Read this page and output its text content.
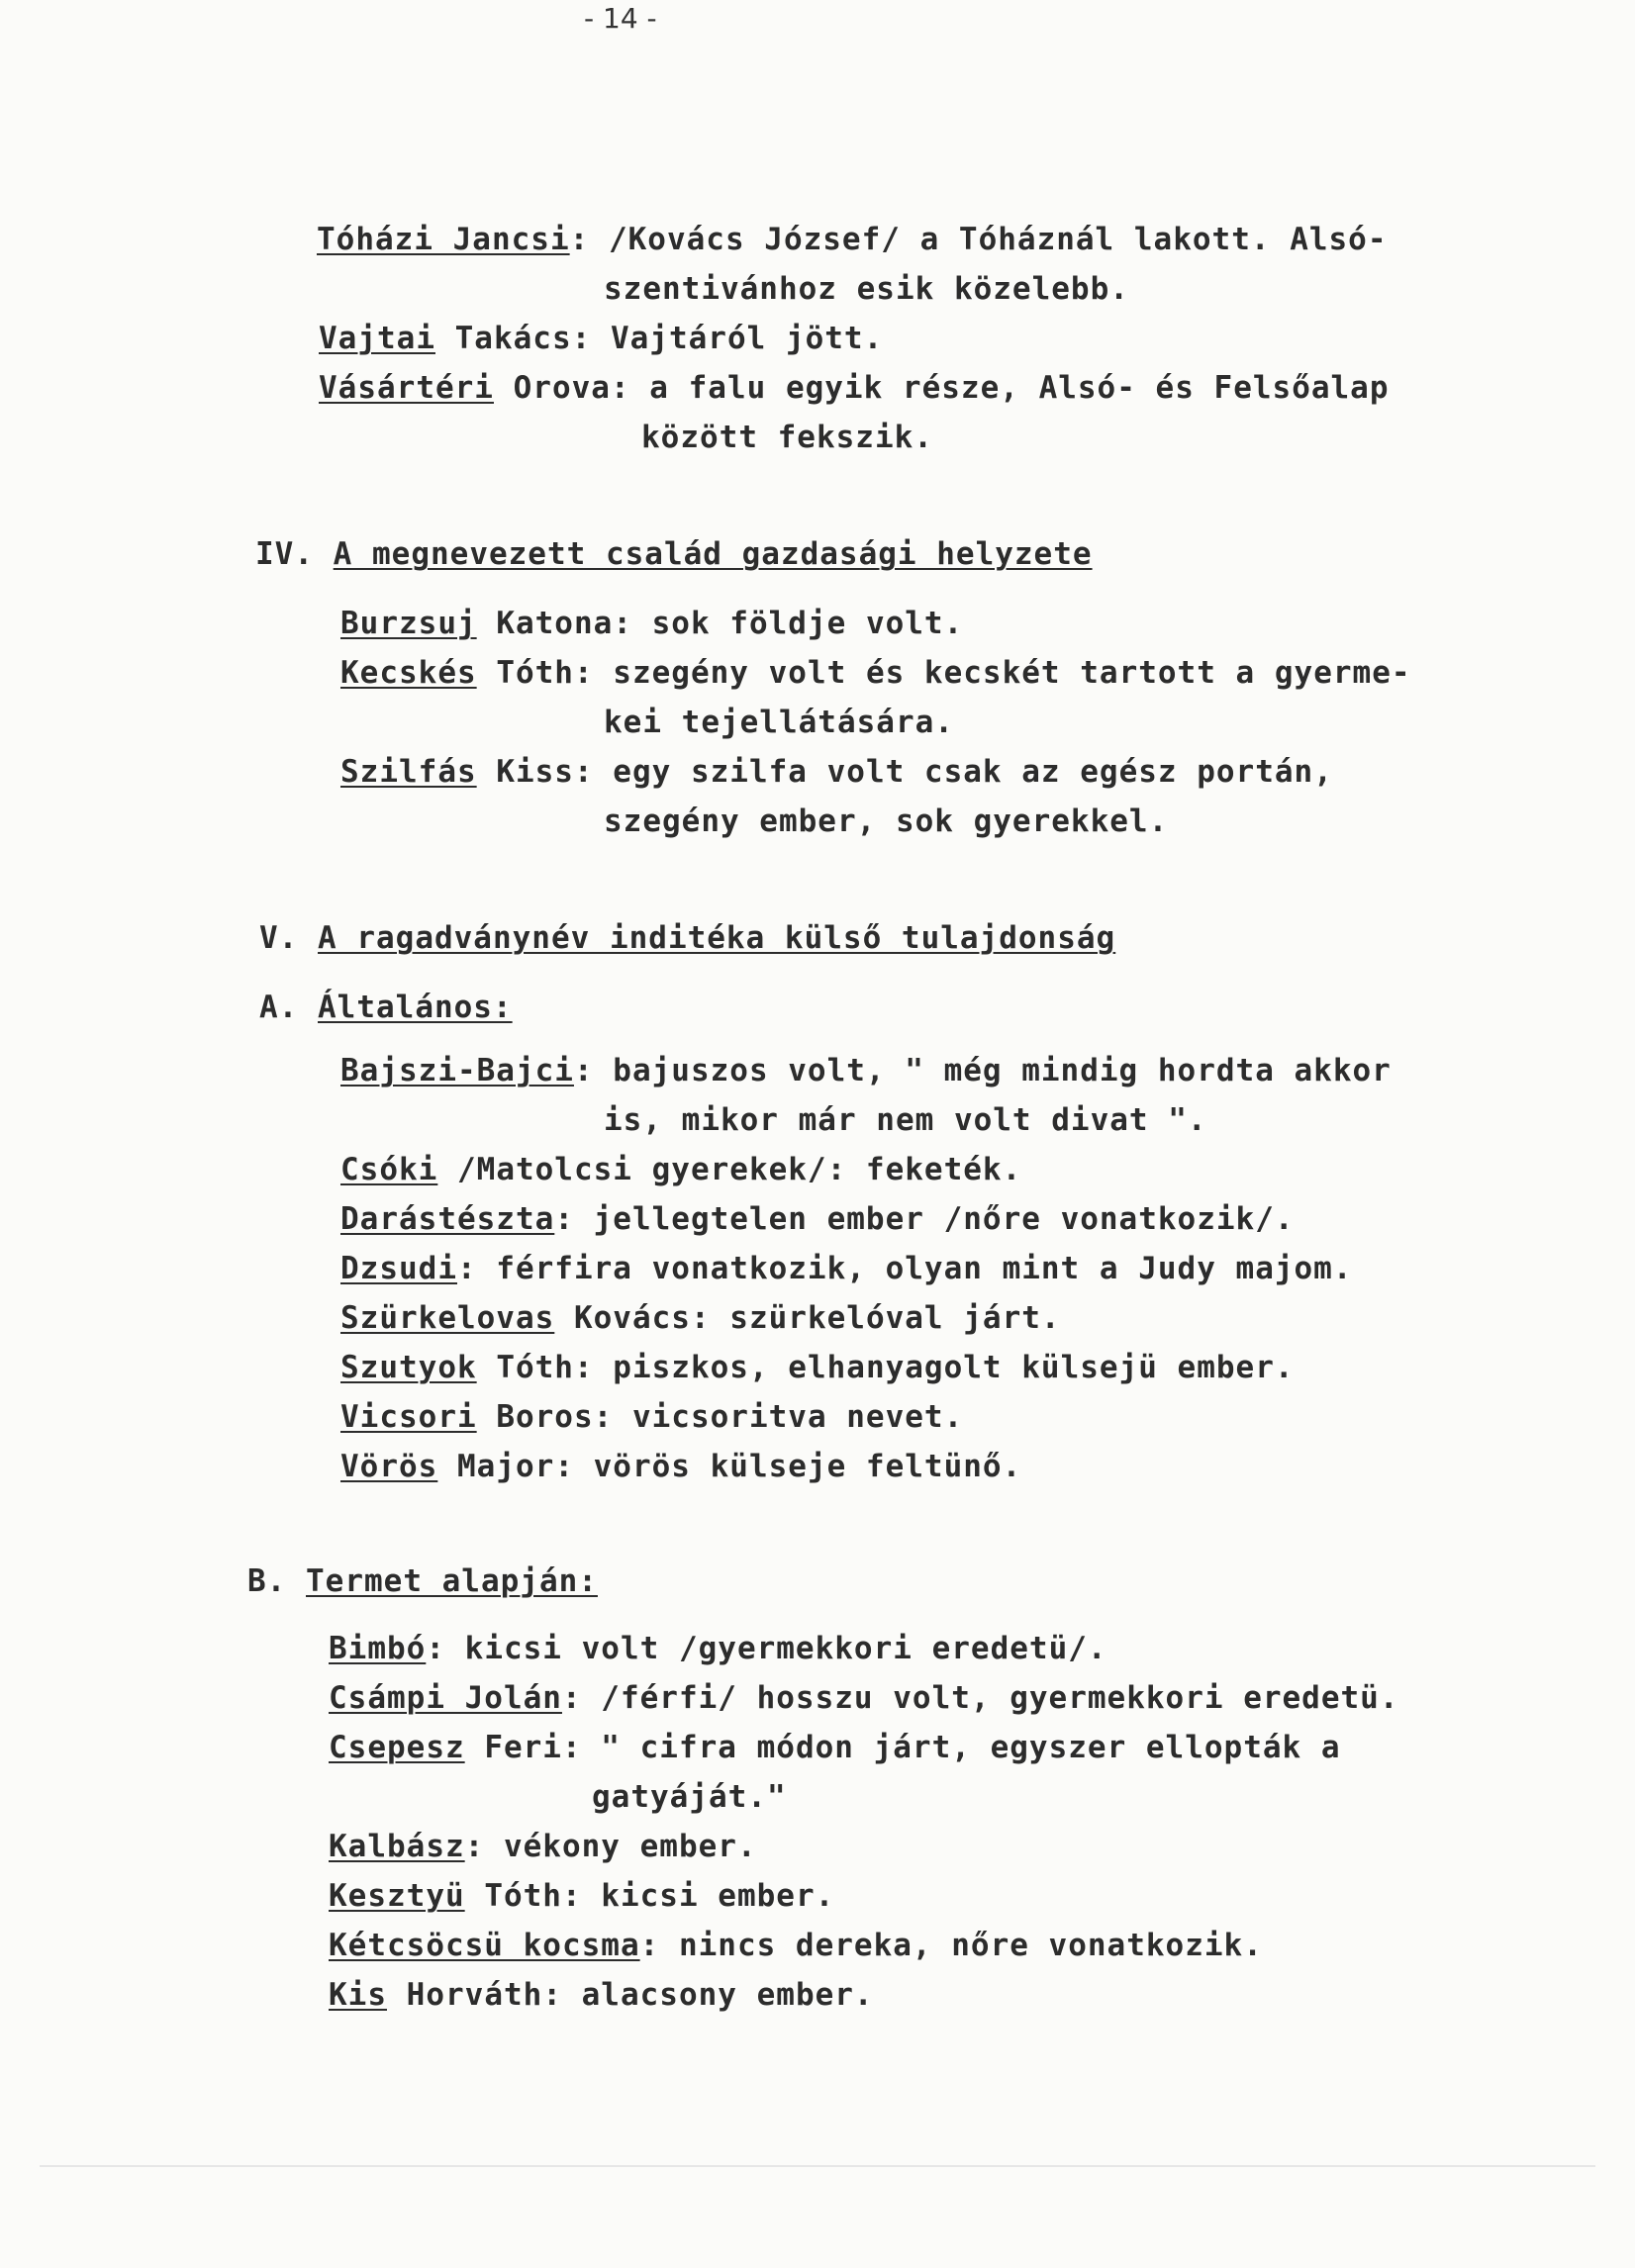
- 14 -
Tóházi Jancsi: /Kovács József/ a Tóháznál lakott. Alsó-
szentivánhoz esik közelebb.
Vajtai Takács: Vajtáról jött.
Vásártéri Orova: a falu egyik része, Alsó- és Felsőalap
között fekszik.
IV. A megnevezett család gazdasági helyzete
Burzsuj Katona: sok földje volt.
Kecskés Tóth: szegény volt és kecskét tartott a gyerme-
kei tejellátására.
Szilfás Kiss: egy szilfa volt csak az egész portán,
szegény ember, sok gyerekkel.
V. A ragadványnév inditéka külső tulajdonság
A. Általános:
Bajszi-Bajci: bajuszos volt, " még mindig hordta akkor
is, mikor már nem volt divat ".
Csóki /Matolcsi gyerekek/: feketék.
Darástészta: jellegtelen ember /nőre vonatkozik/.
Dzsudi: férfira vonatkozik, olyan mint a Judy majom.
Szürkelovas Kovács: szürkelóval járt.
Szutyok Tóth: piszkos, elhanyagolt külsejü ember.
Vicsori Boros: vicsoritva nevet.
Vörös Major: vörös külseje feltünő.
B. Termet alapján:
Bimbó: kicsi volt /gyermekkori eredetü/.
Csámpi Jolán: /férfi/ hosszu volt, gyermekkori eredetü.
Csepesz Feri: " cifra módon járt, egyszer ellopták a
gatyáját."
Kalbász: vékony ember.
Kesztyü Tóth: kicsi ember.
Kétcsöcsü kocsma: nincs dereka, nőre vonatkozik.
Kis Horváth: alacsony ember.
